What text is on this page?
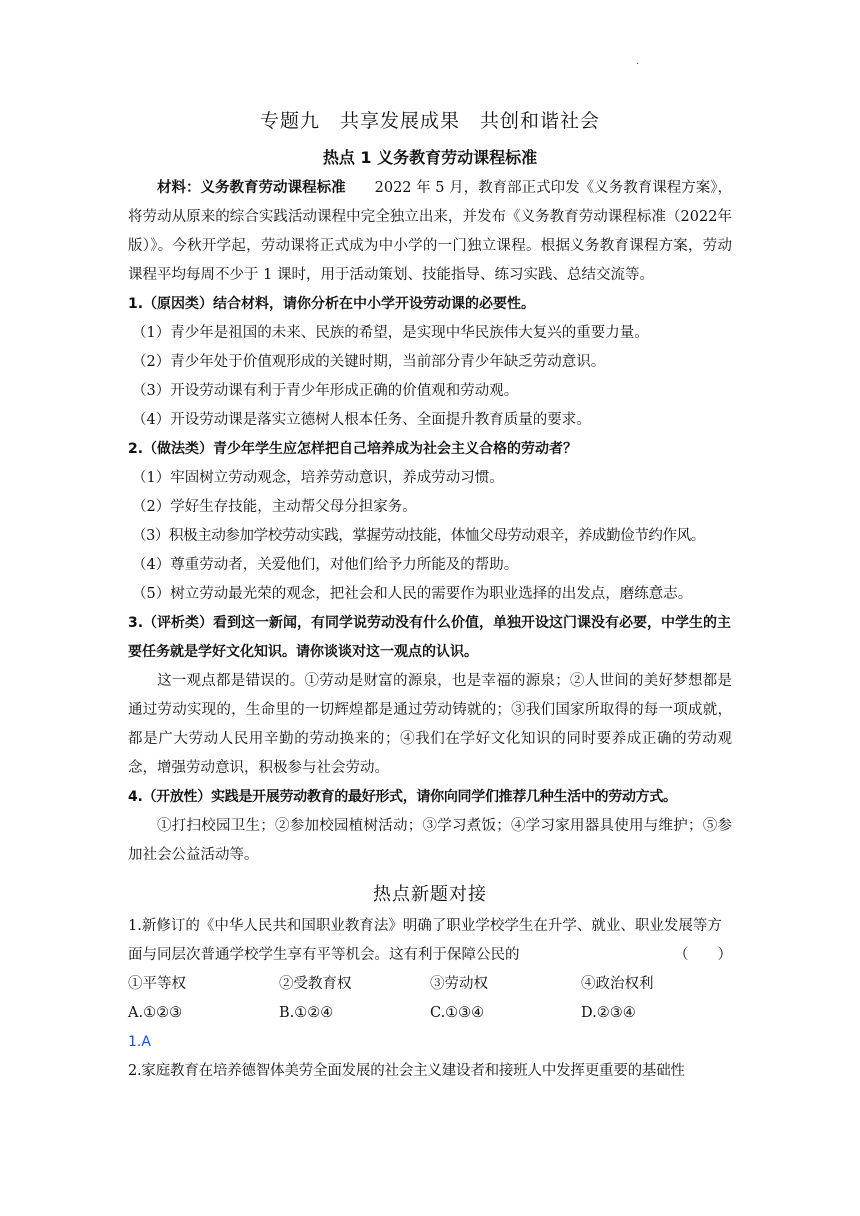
·
专题九　共享发展成果　共创和谐社会
热点 1 义务教育劳动课程标准

材料：义务教育劳动课程标准　　2022 年 5 月，教育部正式印发《义务教育课程方案》，将劳动从原来的综合实践活动课程中完全独立出来，并发布《义务教育劳动课程标准（2022年版）》。今秋开学起，劳动课将正式成为中小学的一门独立课程。根据义务教育课程方案，劳动课程平均每周不少于 1 课时，用于活动策划、技能指导、练习实践、总结交流等。

1.（原因类）结合材料，请你分析在中小学开设劳动课的必要性。

（1）青少年是祖国的未来、民族的希望，是实现中华民族伟大复兴的重要力量。

（2）青少年处于价值观形成的关键时期，当前部分青少年缺乏劳动意识。

（3）开设劳动课有利于青少年形成正确的价值观和劳动观。

（4）开设劳动课是落实立德树人根本任务、全面提升教育质量的要求。

2.（做法类）青少年学生应怎样把自己培养成为社会主义合格的劳动者？

（1）牢固树立劳动观念，培养劳动意识，养成劳动习惯。

（2）学好生存技能，主动帮父母分担家务。

（3）积极主动参加学校劳动实践，掌握劳动技能，体恤父母劳动艰辛，养成勤俭节约作风。

（4）尊重劳动者，关爱他们，对他们给予力所能及的帮助。

（5）树立劳动最光荣的观念，把社会和人民的需要作为职业选择的出发点，磨练意志。

3.（评析类）看到这一新闻，有同学说劳动没有什么价值，单独开设这门课没有必要，中学生的主要任务就是学好文化知识。请你谈谈对这一观点的认识。

这一观点都是错误的。①劳动是财富的源泉，也是幸福的源泉；②人世间的美好梦想都是通过劳动实现的，生命里的一切辉煌都是通过劳动铸就的；③我们国家所取得的每一项成就，都是广大劳动人民用辛勤的劳动换来的；④我们在学好文化知识的同时要养成正确的劳动观念，增强劳动意识，积极参与社会劳动。

4.（开放性）实践是开展劳动教育的最好形式，请你向同学们推荐几种生活中的劳动方式。

①打扫校园卫生；②参加校园植树活动；③学习煮饭；④学习家用器具使用与维护；⑤参加社会公益活动等。

热点新题对接

1.新修订的《中华人民共和国职业教育法》明确了职业学校学生在升学、就业、职业发展等方面与同层次普通学校学生享有平等机会。这有利于保障公民的	（　　）

①平等权	②受教育权	③劳动权	④政治权利
A.①②③	B.①②④	C.①③④	D.②③④

1.A

2.家庭教育在培养德智体美劳全面发展的社会主义建设者和接班人中发挥更重要的基础性
